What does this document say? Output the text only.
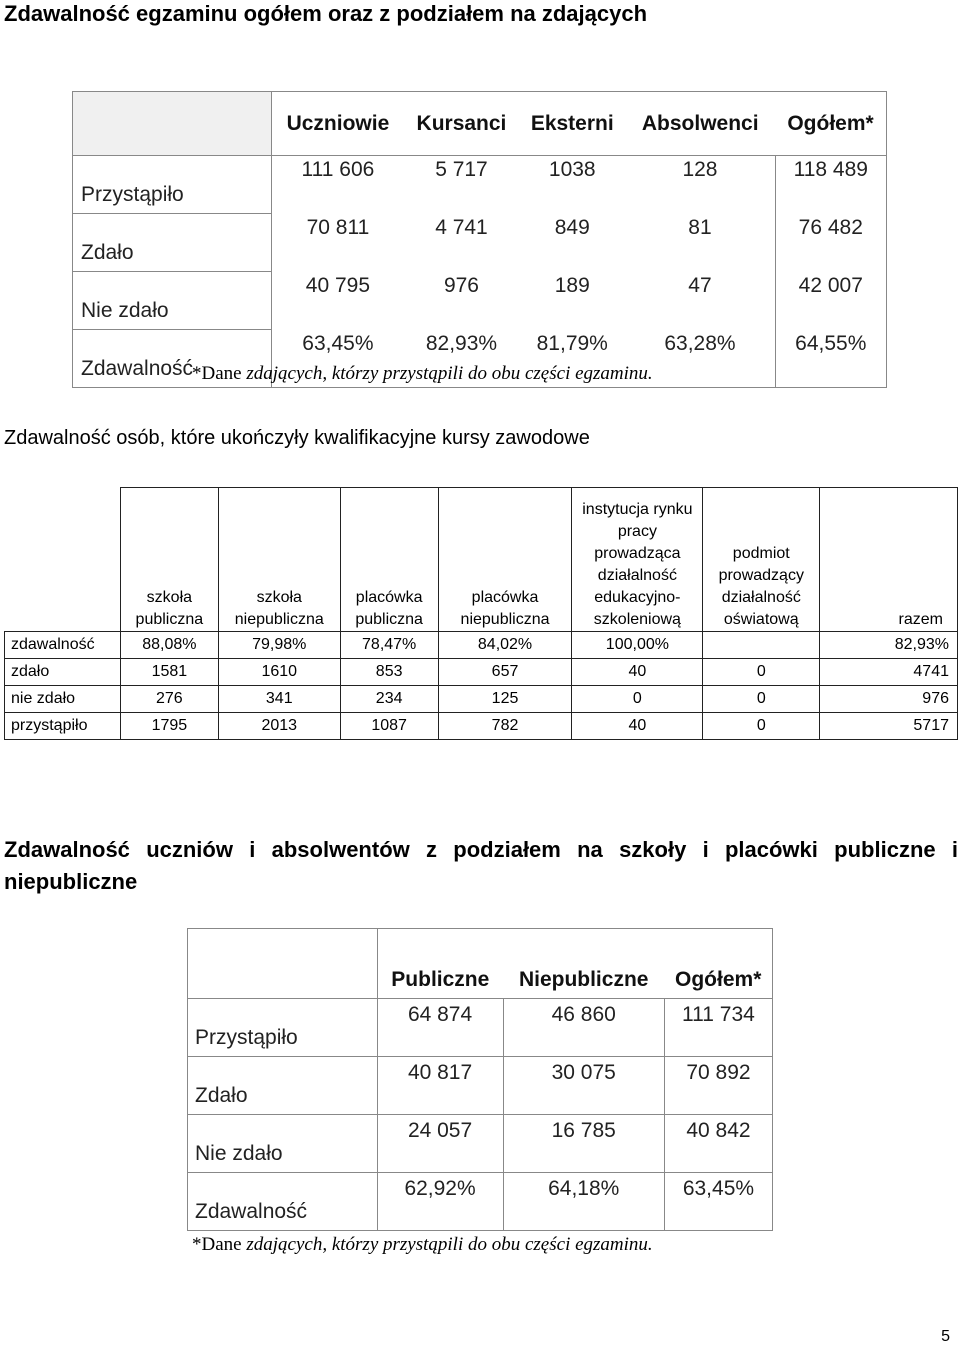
Zdawalność egzaminu ogółem oraz z podziałem na zdających
	Uczniowie	Kursanci	Eksterni	Absolwenci	Ogółem*
Przystąpiło	111 606	5 717	1038	128	118 489
Zdało	70 811	4 741	849	81	76 482
Nie zdało	40 795	976	189	47	42 007
Zdawalność	63,45%	82,93%	81,79%	63,28%	64,55%
*Dane zdających, którzy przystąpili do obu części egzaminu.
Zdawalność osób, które ukończyły kwalifikacyjne kursy zawodowe
	szkoła publiczna	szkoła niepubliczna	placówka publiczna	placówka niepubliczna	instytucja rynku pracy prowadząca działalność edukacyjno-szkoleniową	podmiot prowadzący działalność oświatową	razem
zdawalność	88,08%	79,98%	78,47%	84,02%	100,00%		82,93%
zdało	1581	1610	853	657	40	0	4741
nie zdało	276	341	234	125	0	0	976
przystąpiło	1795	2013	1087	782	40	0	5717
Zdawalność uczniów i absolwentów z podziałem na szkoły i placówki publiczne i niepubliczne
	Publiczne	Niepubliczne	Ogółem*
Przystąpiło	64 874	46 860	111 734
Zdało	40 817	30 075	70 892
Nie zdało	24 057	16 785	40 842
Zdawalność	62,92%	64,18%	63,45%
*Dane zdających, którzy przystąpili do obu części egzaminu.
5
